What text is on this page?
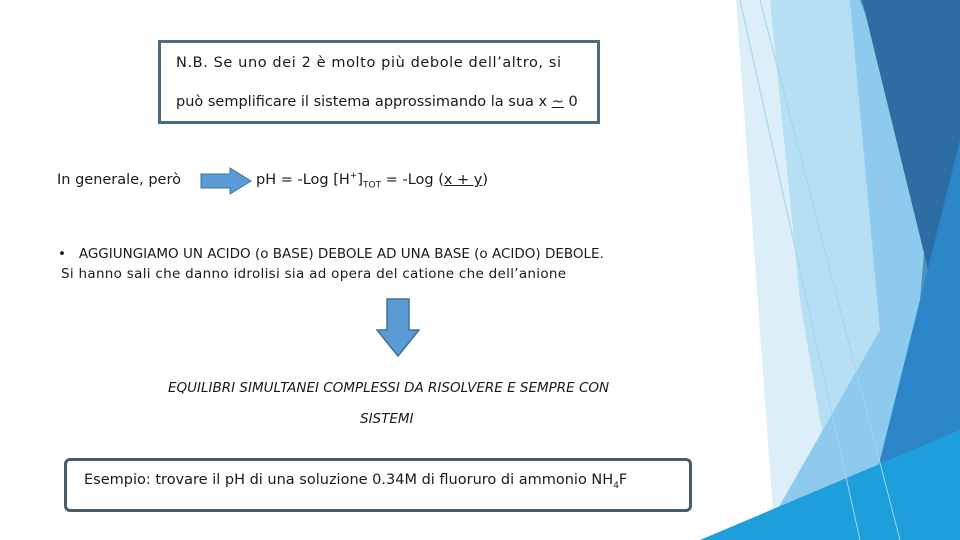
N.B. Se uno dei 2 è molto più debole dell’altro, si
può semplificare il sistema approssimando la sua x ~ 0
In generale, però	pH = -Log $[H^+]_{TOT} = -Log$ (x + y)
• AGGIUNGIAMO UN ACIDO (o BASE) DEBOLE AD UNA BASE (o ACIDO) DEBOLE.
Si hanno sali che danno idrolisi sia ad opera del catione che dell’anione
EQUILIBRI SIMULTANEI COMPLESSI DA RISOLVERE E SEMPRE CON
SISTEMI
Esempio: trovare il pH di una soluzione 0.34M di fluoruro di ammonio $NH_4F$
